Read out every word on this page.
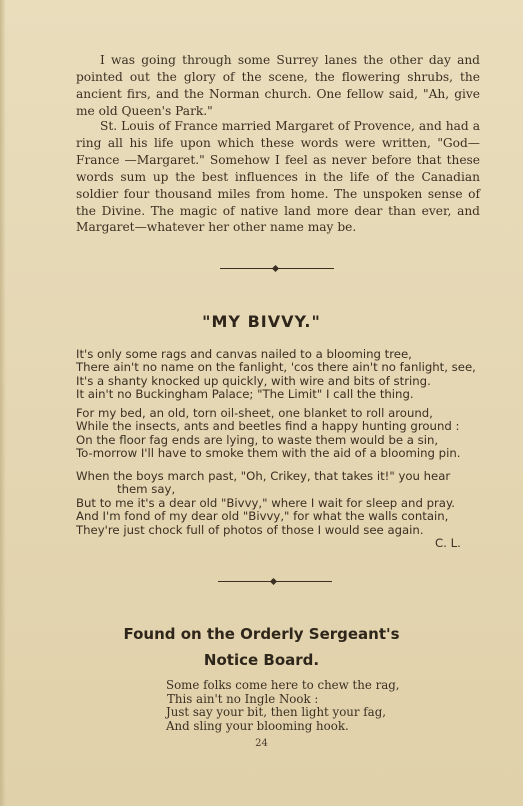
I was going through some Surrey lanes the other day and pointed out the glory of the scene, the flowering shrubs, the ancient firs, and the Norman church. One fellow said, "Ah, give me old Queen's Park."

St. Louis of France married Margaret of Provence, and had a ring all his life upon which these words were written, "God—France —Margaret." Somehow I feel as never before that these words sum up the best influences in the life of the Canadian soldier four thousand miles from home. The unspoken sense of the Divine. The magic of native land more dear than ever, and Margaret—whatever her other name may be.

"MY BIVVY."
It's only some rags and canvas nailed to a blooming tree,
There ain't no name on the fanlight, 'cos there ain't no fanlight, see,
It's a shanty knocked up quickly, with wire and bits of string.
It ain't no Buckingham Palace; "The Limit" I call the thing.
For my bed, an old, torn oil-sheet, one blanket to roll around,
While the insects, ants and beetles find a happy hunting ground :
On the floor fag ends are lying, to waste them would be a sin,
To-morrow I'll have to smoke them with the aid of a blooming pin.
When the boys march past, "Oh, Crikey, that takes it!" you hear
them say,
But to me it's a dear old "Bivvy," where I wait for sleep and pray.
And I'm fond of my dear old "Bivvy," for what the walls contain,
They're just chock full of photos of those I would see again.
C. L.
Found on the Orderly Sergeant's
Notice Board.
Some folks come here to chew the rag,
This ain't no Ingle Nook :
Just say your bit, then light your fag,
And sling your blooming hook.
24
